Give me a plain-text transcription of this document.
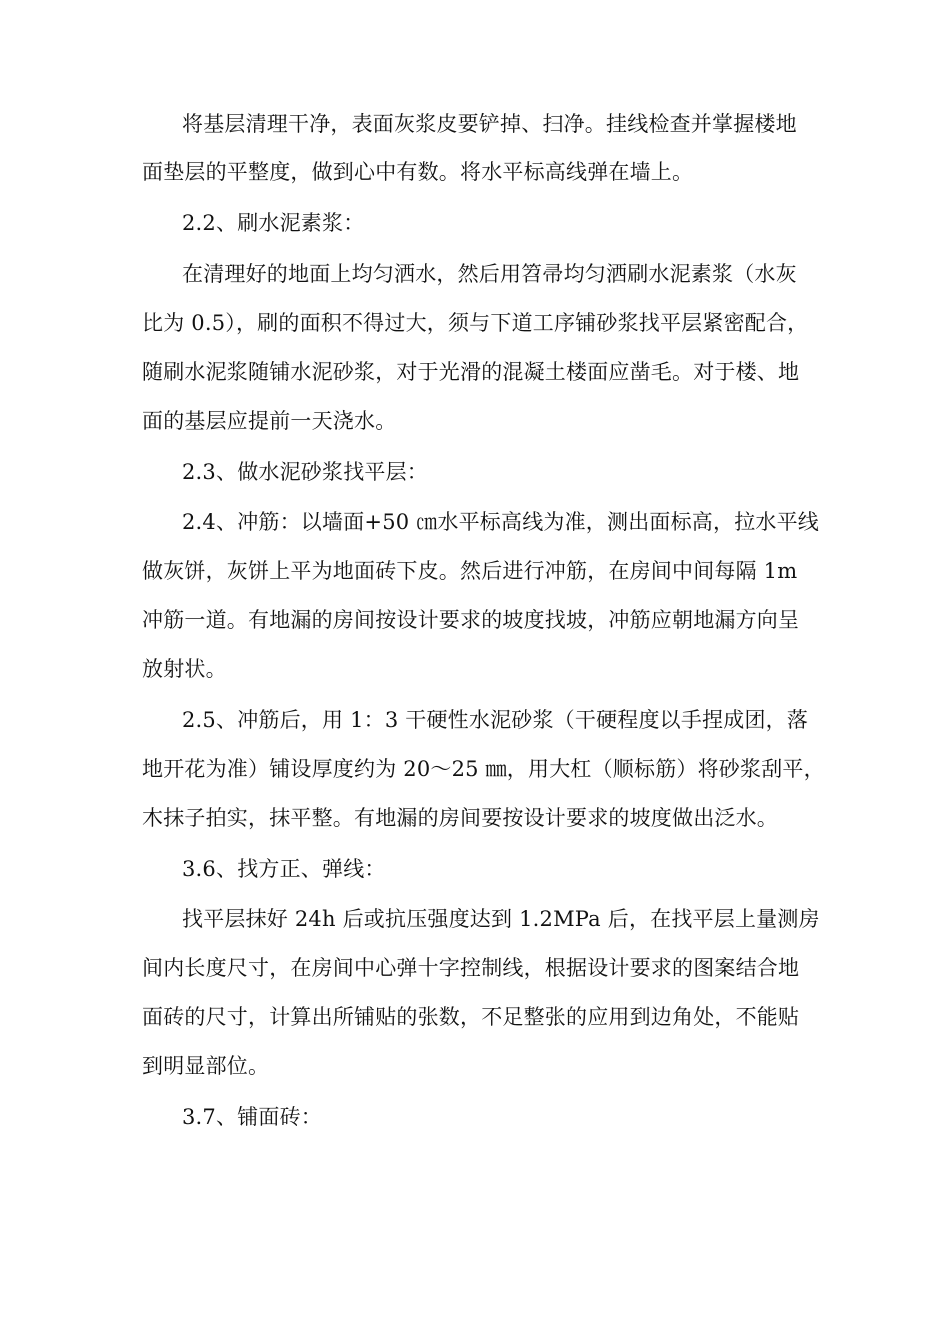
将基层清理干净，表面灰浆皮要铲掉、扫净。挂线检查并掌握楼地
面垫层的平整度，做到心中有数。将水平标高线弹在墙上。
2.2、刷水泥素浆：
在清理好的地面上均匀洒水，然后用笤帚均匀洒刷水泥素浆（水灰
比为 0.5），刷的面积不得过大，须与下道工序铺砂浆找平层紧密配合，
随刷水泥浆随铺水泥砂浆，对于光滑的混凝土楼面应凿毛。对于楼、地
面的基层应提前一天浇水。
2.3、做水泥砂浆找平层：
2.4、冲筋：以墙面+50 ㎝水平标高线为准，测出面标高，拉水平线
做灰饼，灰饼上平为地面砖下皮。然后进行冲筋，在房间中间每隔 1m
冲筋一道。有地漏的房间按设计要求的坡度找坡，冲筋应朝地漏方向呈
放射状。
2.5、冲筋后，用 1：3 干硬性水泥砂浆（干硬程度以手捏成团，落
地开花为准）铺设厚度约为 20～25 ㎜，用大杠（顺标筋）将砂浆刮平，
木抹子拍实，抹平整。有地漏的房间要按设计要求的坡度做出泛水。
3.6、找方正、弹线：
找平层抹好 24h 后或抗压强度达到 1.2MPa 后，在找平层上量测房
间内长度尺寸，在房间中心弹十字控制线，根据设计要求的图案结合地
面砖的尺寸，计算出所铺贴的张数，不足整张的应用到边角处，不能贴
到明显部位。
3.7、铺面砖：
